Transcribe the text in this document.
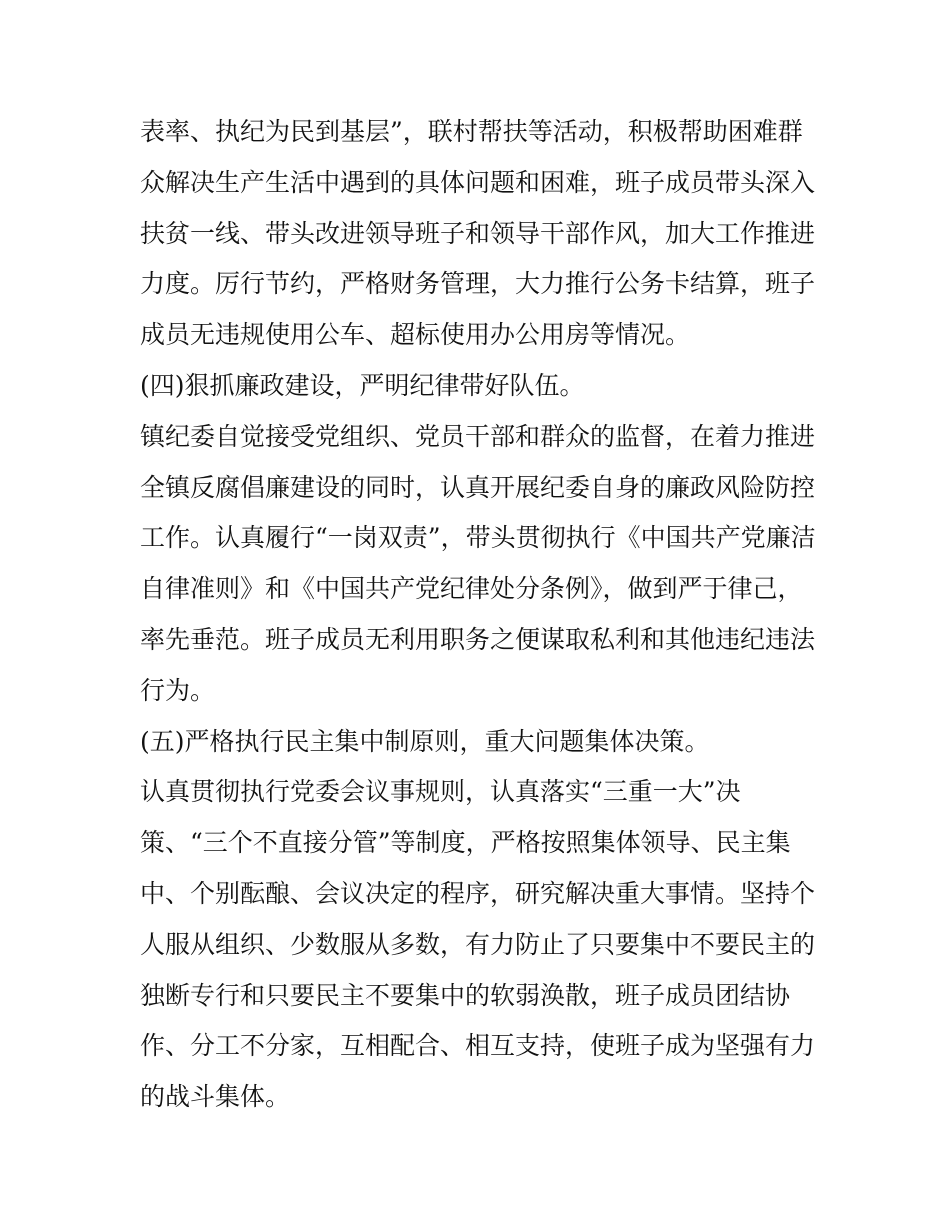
表率、执纪为民到基层”，联村帮扶等活动，积极帮助困难群
众解决生产生活中遇到的具体问题和困难，班子成员带头深入
扶贫一线、带头改进领导班子和领导干部作风，加大工作推进
力度。厉行节约，严格财务管理，大力推行公务卡结算，班子
成员无违规使用公车、超标使用办公用房等情况。
(四)狠抓廉政建设，严明纪律带好队伍。
镇纪委自觉接受党组织、党员干部和群众的监督，在着力推进
全镇反腐倡廉建设的同时，认真开展纪委自身的廉政风险防控
工作。认真履行“一岗双责”，带头贯彻执行《中国共产党廉洁
自律准则》和《中国共产党纪律处分条例》，做到严于律己，
率先垂范。班子成员无利用职务之便谋取私利和其他违纪违法
行为。
(五)严格执行民主集中制原则，重大问题集体决策。
认真贯彻执行党委会议事规则，认真落实“三重一大”决
策、“三个不直接分管”等制度，严格按照集体领导、民主集
中、个别酝酿、会议决定的程序，研究解决重大事情。坚持个
人服从组织、少数服从多数，有力防止了只要集中不要民主的
独断专行和只要民主不要集中的软弱涣散，班子成员团结协
作、分工不分家，互相配合、相互支持，使班子成为坚强有力
的战斗集体。
